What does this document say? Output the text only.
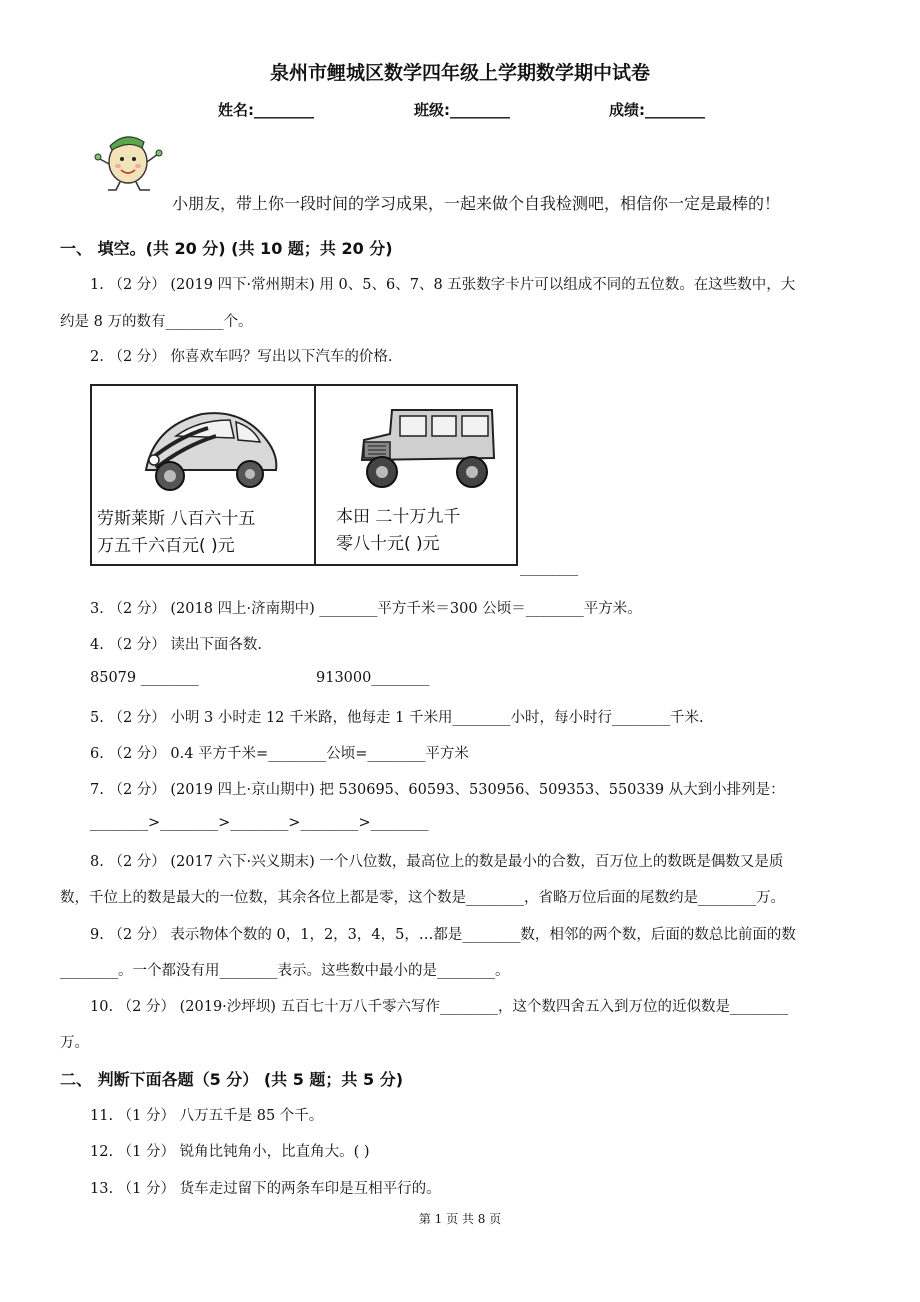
泉州市鲤城区数学四年级上学期数学期中试卷
姓名:________	班级:________	成绩:________
小朋友，带上你一段时间的学习成果，一起来做个自我检测吧，相信你一定是最棒的！
一、 填空。(共 20 分) (共 10 题；共 20 分)
1. （2 分） (2019 四下·常州期末) 用 0、5、6、7、8 五张数字卡片可以组成不同的五位数。在这些数中，大
约是 8 万的数有________个。
2. （2 分） 你喜欢车吗？写出以下汽车的价格.
劳斯莱斯 八百六十五
万五千六百元( )元
本田 二十万九千
零八十元( )元
________
3. （2 分） (2018 四上·济南期中) ________平方千米＝300 公顷＝________平方米。
4. （2 分） 读出下面各数.
85079 ________	913000________
5. （2 分） 小明 3 小时走 12 千米路，他每走 1 千米用________小时，每小时行________千米.
6. （2 分） 0.4 平方千米=________公顷=________平方米
7. （2 分） (2019 四上·京山期中) 把 530695、60593、530956、509353、550339 从大到小排列是：
________>________>________>________>________
8. （2 分） (2017 六下·兴义期末) 一个八位数，最高位上的数是最小的合数，百万位上的数既是偶数又是质
数，千位上的数是最大的一位数，其余各位上都是零，这个数是________，省略万位后面的尾数约是________万。
9. （2 分） 表示物体个数的 0，1，2，3，4，5，…都是________数，相邻的两个数，后面的数总比前面的数
________。一个都没有用________表示。这些数中最小的是________。
10. （2 分） (2019·沙坪坝) 五百七十万八千零六写作________，这个数四舍五入到万位的近似数是________
万。
二、 判断下面各题（5 分） (共 5 题；共 5 分)
11. （1 分） 八万五千是 85 个千。
12. （1 分） 锐角比钝角小，比直角大。( )
13. （1 分） 货车走过留下的两条车印是互相平行的。
第 1 页 共 8 页
